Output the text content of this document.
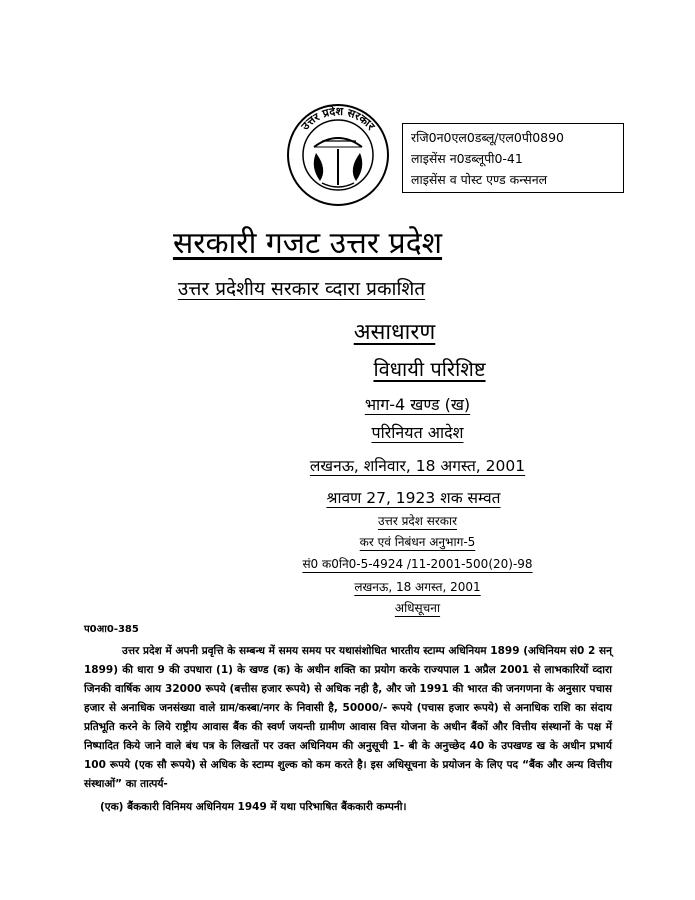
उत्तर प्रदेश सरकार
रजि0न0एल0डब्लू/एल0पी0890
लाइसेंस न0डब्लूपी0-41
लाइसेंस व पोस्ट एण्ड कन्सनल
सरकारी गजट उत्तर प्रदेश
उत्तर प्रदेशीय सरकार व्दारा प्रकाशित
असाधारण
विधायी परिशिष्ट
भाग-4 खण्ड (ख)
परिनियत आदेश
लखनऊ, शनिवार, 18 अगस्त, 2001
श्रावण 27, 1923 शक सम्वत
उत्तर प्रदेश सरकार
कर एवं निबंधन अनुभाग-5
सं0 क0नि0-5-4924 /11-2001-500(20)-98
लखनऊ, 18 अगस्त, 2001
अधिसूचना
प0आ0-385
उत्तर प्रदेश में अपनी प्रवृत्ति के सम्बन्ध में समय समय पर यथासंशोधित भारतीय स्टाम्प अधिनियम 1899 (अधिनियम सं0 2 सन् 1899) की धारा 9 की उपधारा (1) के खण्ड (क) के अधीन शक्ति का प्रयोग करके राज्यपाल 1 अप्रैल 2001 से लाभकारियों व्दारा जिनकी वार्षिक आय 32000 रूपये (बत्तीस हजार रूपये) से अधिक नही है, और जो 1991 की भारत की जनगणना के अनुसार पचास हजार से अनाधिक जनसंख्या वाले ग्राम/कस्बा/नगर के निवासी है, 50000/- रूपये (पचास हजार रूपये) से अनाधिक राशि का संदाय प्रतिभूति करने के लिये राष्ट्रीय आवास बैंक की स्वर्ण जयन्ती ग्रामीण आवास वित्त योजना के अधीन बैंकों और वित्तीय संस्थानों के पक्ष में निष्पादित किये जाने वाले बंध पत्र के लिखतों पर उक्त अधिनियम की अनुसूची 1- बी के अनुच्छेद 40 के उपखण्ड ख के अधीन प्रभार्य 100 रूपये (एक सौ रूपये) से अधिक के स्टाम्प शुल्क को कम करते है। इस अधिसूचना के प्रयोजन के लिए पद “बैंक और अन्य वित्तीय संस्थाओं” का तात्पर्य-
(एक) बैंककारी विनिमय अधिनियम 1949 में यथा परिभाषित बैंककारी कम्पनी।
